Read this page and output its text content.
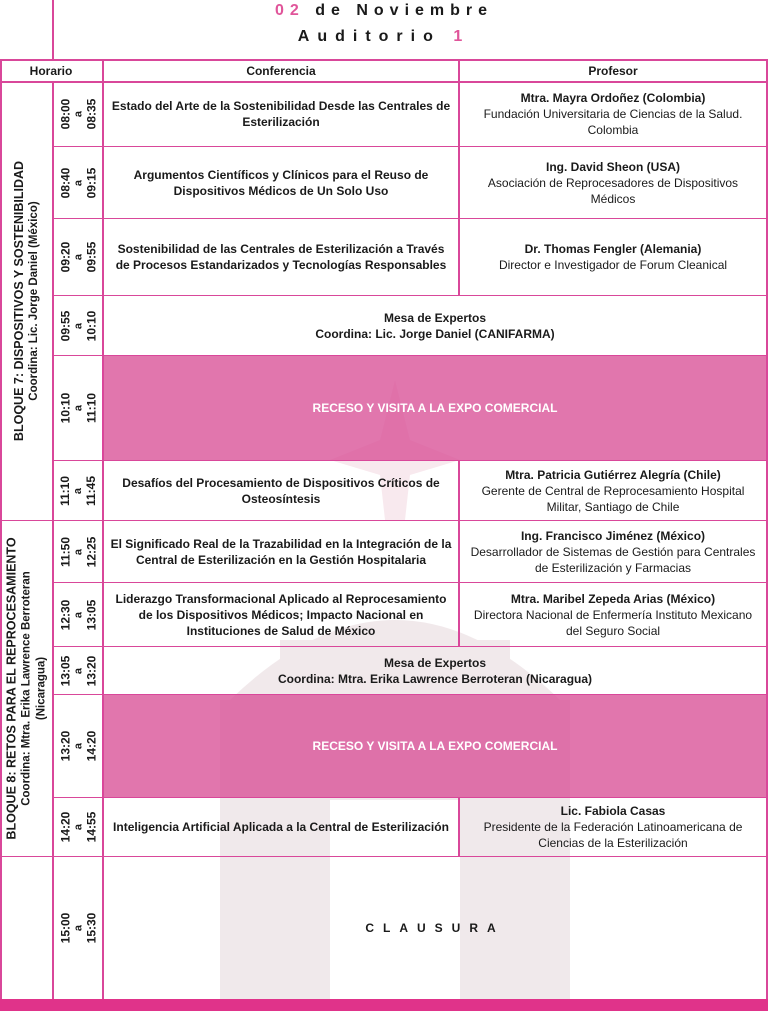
02 de Noviembre
Auditorio 1
Horario	Conferencia	Profesor
BLOQUE 7: DISPOSITIVOS Y SOSTENIBILIDAD Coordina: Lic. Jorge Daniel (México)
BLOQUE 8: RETOS PARA EL REPROCESAMIENTO Coordina: Mtra. Erika Lawrence Berroteran (Nicaragua)
RECESO Y VISITA A LA EXPO COMERCIAL
RECESO Y VISITA A LA EXPO COMERCIAL
08:00 a 08:35
08:40 a 09:15
09:20 a 09:55
09:55 a 10:10
10:10 a 11:10
11:10 a 11:45
11:50 a 12:25
12:30 a 13:05
13:05 a 13:20
13:20 a 14:20
14:20 a 14:55
15:00 a 15:30
Estado del Arte de la Sostenibilidad Desde las Centrales de Esterilización
Mtra. Mayra Ordoñez (Colombia)
Fundación Universitaria de Ciencias de la Salud. Colombia
Argumentos Científicos y Clínicos para el Reuso de Dispositivos Médicos de Un Solo Uso
Ing. David Sheon (USA)
Asociación de Reprocesadores de Dispositivos Médicos
Sostenibilidad de las Centrales de Esterilización a Través de Procesos Estandarizados y Tecnologías Responsables
Dr. Thomas Fengler (Alemania)
Director e Investigador de Forum Cleanical
Mesa de Expertos
Coordina: Lic. Jorge Daniel (CANIFARMA)
Desafíos del Procesamiento de Dispositivos Críticos de Osteosíntesis
Mtra. Patricia Gutiérrez Alegría (Chile)
Gerente de Central de Reprocesamiento Hospital Militar, Santiago de Chile
El Significado Real de la Trazabilidad en la Integración de la Central de Esterilización en la Gestión Hospitalaria
Ing. Francisco Jiménez (México)
Desarrollador de Sistemas de Gestión para Centrales de Esterilización y Farmacias
Liderazgo Transformacional Aplicado al Reprocesamiento de los Dispositivos Médicos; Impacto Nacional en Instituciones de Salud de México
Mtra. Maribel Zepeda Arias (México)
Directora Nacional de Enfermería Instituto Mexicano del Seguro Social
Mesa de Expertos
Coordina: Mtra. Erika Lawrence Berroteran (Nicaragua)
Inteligencia Artificial Aplicada a la Central de Esterilización
Lic. Fabiola Casas
Presidente de la Federación Latinoamericana de Ciencias de la Esterilización
CLAUSURA
